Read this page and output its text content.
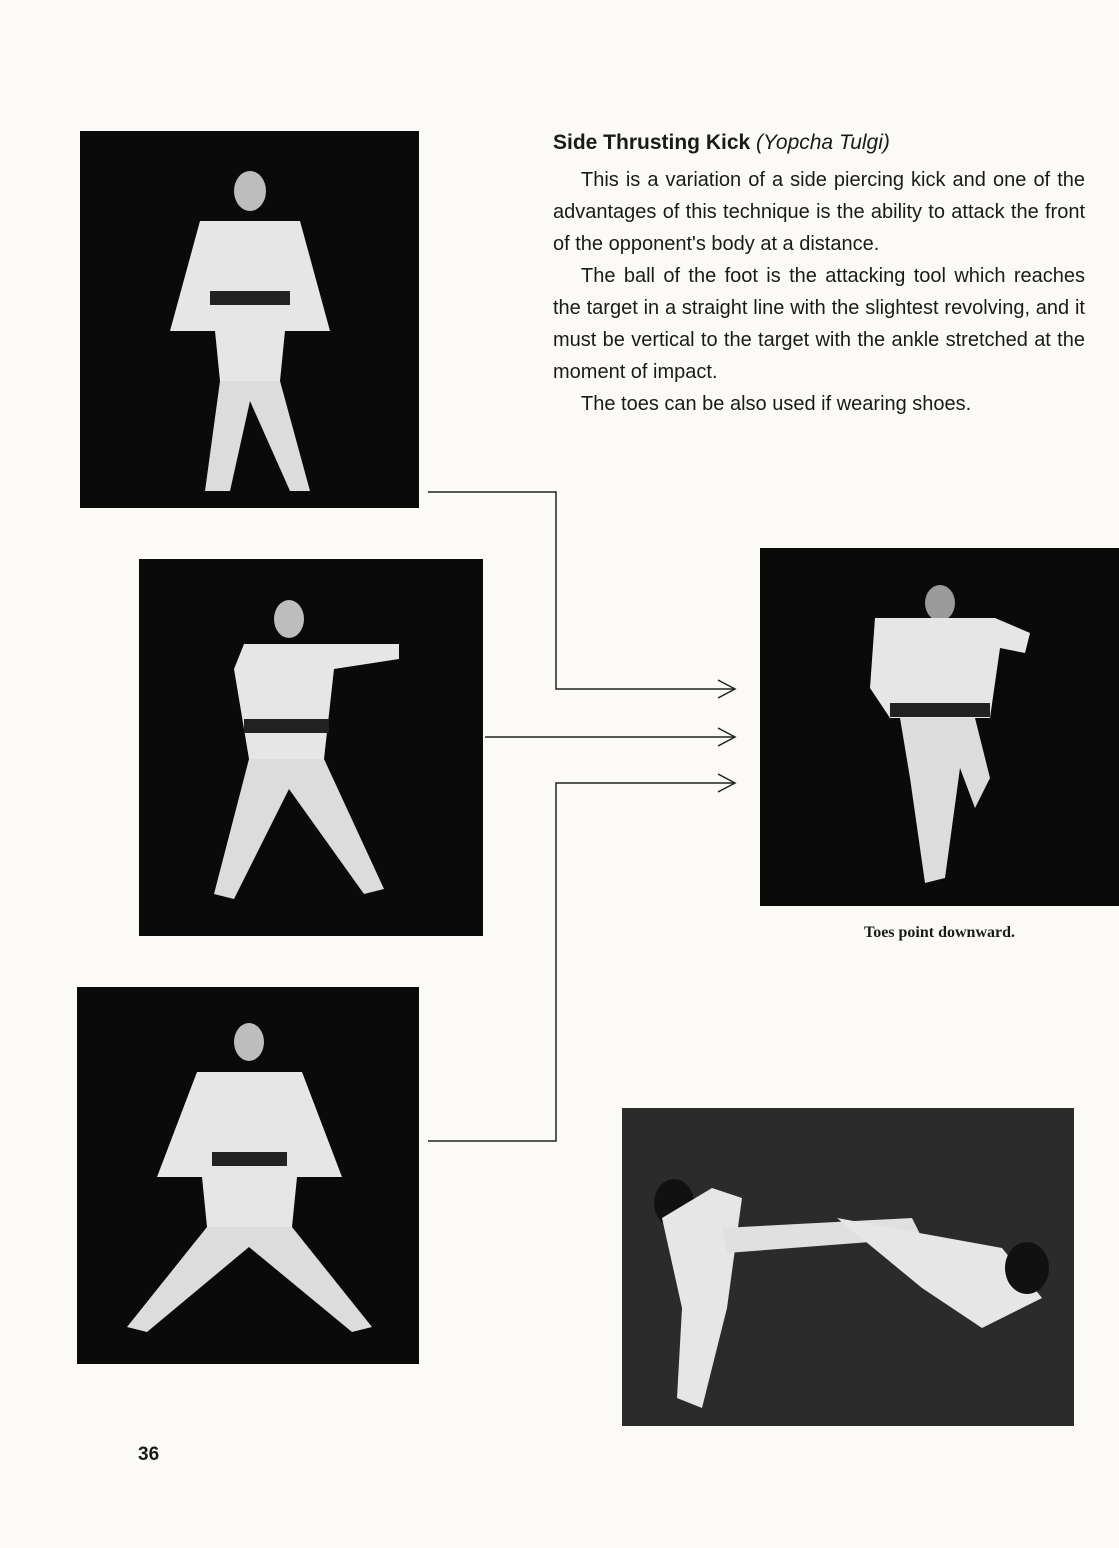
Side Thrusting Kick (Yopcha Tulgi)

This is a variation of a side piercing kick and one of the advantages of this technique is the ability to attack the front of the opponent's body at a distance.

The ball of the foot is the attacking tool which reaches the target in a straight line with the slightest revolving, and it must be vertical to the target with the ankle stretched at the moment of impact.

The toes can be also used if wearing shoes.

Toes point downward.
36
